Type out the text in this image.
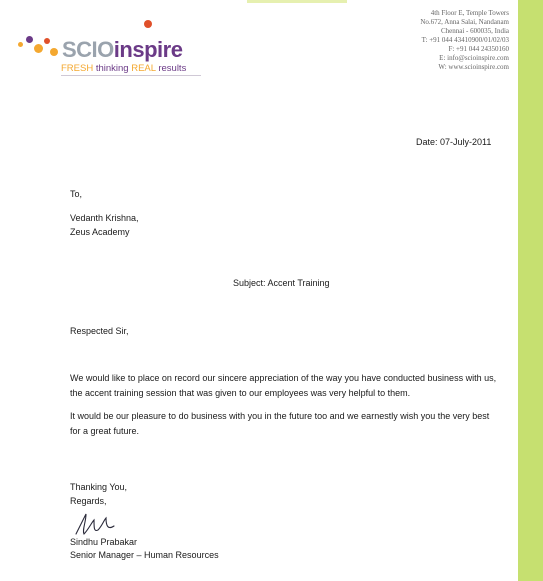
SCIOinspire
FRESH thinking REAL results
4th Floor E, Temple Towers
No.672, Anna Salai, Nandanam
Chennai - 600035, India
T: +91 044 43410900/01/02/03
F: +91 044 24350160
E: info@scioinspire.com
W: www.scioinspire.com
Date: 07-July-2011
To,
Vedanth Krishna,
Zeus Academy
Subject: Accent Training
Respected Sir,
We would like to place on record our sincere appreciation of the way you have conducted business with us, the accent training session that was given to our employees was very helpful to them.
It would be our pleasure to do business with you in the future too and we earnestly wish you the very best for a great future.
Thanking You,
Regards,
Sindhu Prabakar
Senior Manager – Human Resources
